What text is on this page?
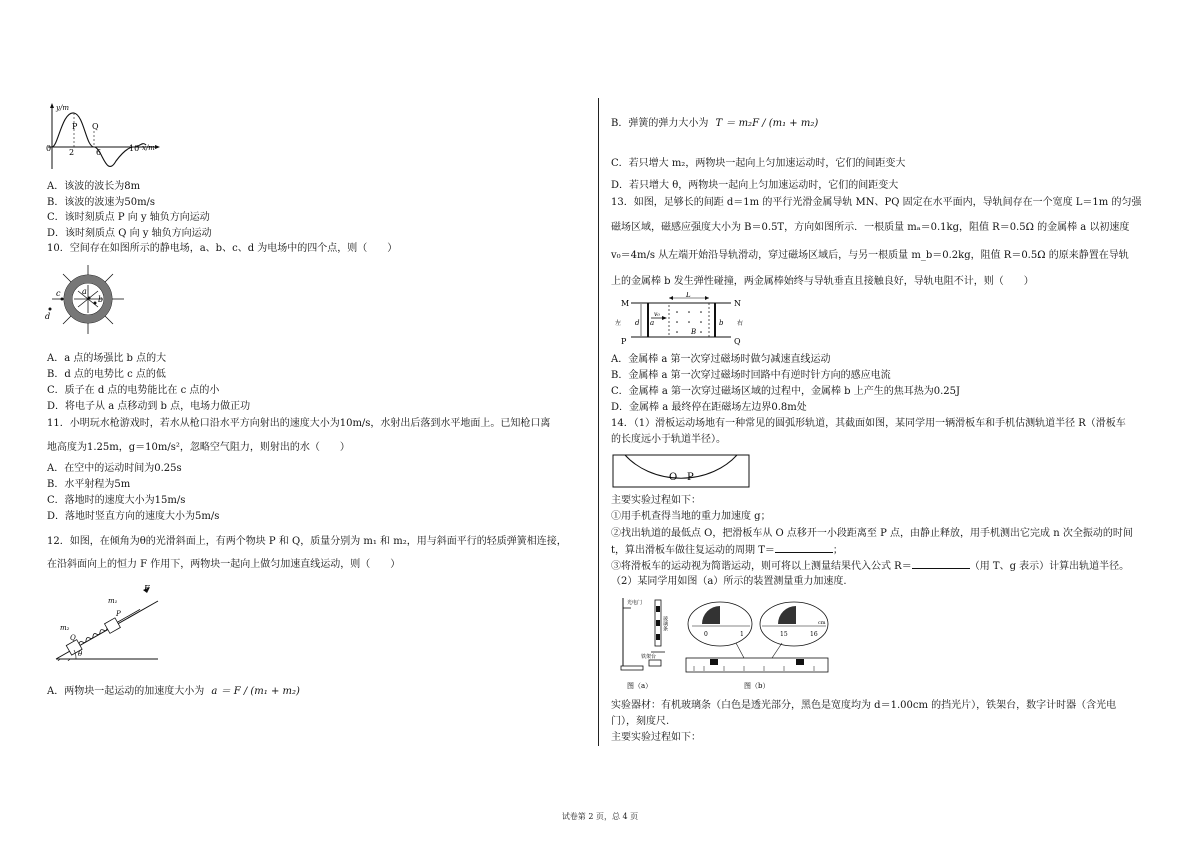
y/m
x/m
0
P Q
2	6	10
A．该波的波长为8m
B．该波的波速为50m/s
C．该时刻质点 P 向 y 轴负方向运动
D．该时刻质点 Q 向 y 轴负方向运动
10．空间存在如图所示的静电场，a、b、c、d 为电场中的四个点，则（　　）
c	a
b
d
A．a 点的场强比 b 点的大
B．d 点的电势比 c 点的低
C．质子在 d 点的电势能比在 c 点的小
D．将电子从 a 点移动到 b 点，电场力做正功
11．小明玩水枪游戏时，若水从枪口沿水平方向射出的速度大小为10m/s，水射出后落到水平地面上。已知枪口离
地高度为1.25m，g＝10m/s²，忽略空气阻力，则射出的水（　　）
A．在空中的运动时间为0.25s
B．水平射程为5m
C．落地时的速度大小为15m/s
D．落地时竖直方向的速度大小为5m/s
12．如图，在倾角为θ的光滑斜面上，有两个物块 P 和 Q，质量分别为 m₁ 和 m₂，用与斜面平行的轻质弹簧相连接，
在沿斜面向上的恒力 F 作用下，两物块一起向上做匀加速直线运动，则（　　）
F
m₁
P
m₂
Q
θ
A．两物块一起运动的加速度大小为 a ＝ F / (m₁ + m₂)
B．弹簧的弹力大小为 T ＝ m₂F / (m₁ + m₂)
C．若只增大 m₂，两物块一起向上匀加速运动时，它们的间距变大
D．若只增大 θ，两物块一起向上匀加速运动时，它们的间距变大
13．如图，足够长的间距 d＝1m 的平行光滑金属导轨 MN、PQ 固定在水平面内，导轨间存在一个宽度 L＝1m 的匀强
磁场区域，磁感应强度大小为 B＝0.5T，方向如图所示．一根质量 mₐ＝0.1kg，阻值 R＝0.5Ω 的金属棒 a 以初速度
v₀＝4m/s 从左端开始沿导轨滑动，穿过磁场区域后，与另一根质量 m_b＝0.2kg，阻值 R＝0.5Ω 的原来静置在导轨
上的金属棒 b 发生弹性碰撞，两金属棒始终与导轨垂直且接触良好，导轨电阻不计，则（　　）
M	N
P	Q
L
v₀
a	b
d
B
左	右
A．金属棒 a 第一次穿过磁场时做匀减速直线运动
B．金属棒 a 第一次穿过磁场时回路中有逆时针方向的感应电流
C．金属棒 a 第一次穿过磁场区域的过程中，金属棒 b 上产生的焦耳热为0.25J
D．金属棒 a 最终停在距磁场左边界0.8m处
14．（1）滑板运动场地有一种常见的圆弧形轨道，其截面如图，某同学用一辆滑板车和手机估测轨道半径 R（滑板车
的长度远小于轨道半径）。
O P
主要实验过程如下：
①用手机查得当地的重力加速度 g；
②找出轨道的最低点 O，把滑板车从 O 点移开一小段距离至 P 点，由静止释放，用手机测出它完成 n 次全振动的时间
t，算出滑板车做往复运动的周期 T＝	；
③将滑板车的运动视为简谐运动，则可将以上测量结果代入公式 R＝	（用 T、g 表示）计算出轨道半径。
（2）某同学用如图（a）所示的装置测量重力加速度.
光电门
玻璃条
铁架台
图（a）
0	1	15	16
cm
图（b）
实验器材：有机玻璃条（白色是透光部分，黑色是宽度均为 d＝1.00cm 的挡光片），铁架台，数字计时器（含光电
门），刻度尺.
主要实验过程如下：
试卷第 2 页，总 4 页
